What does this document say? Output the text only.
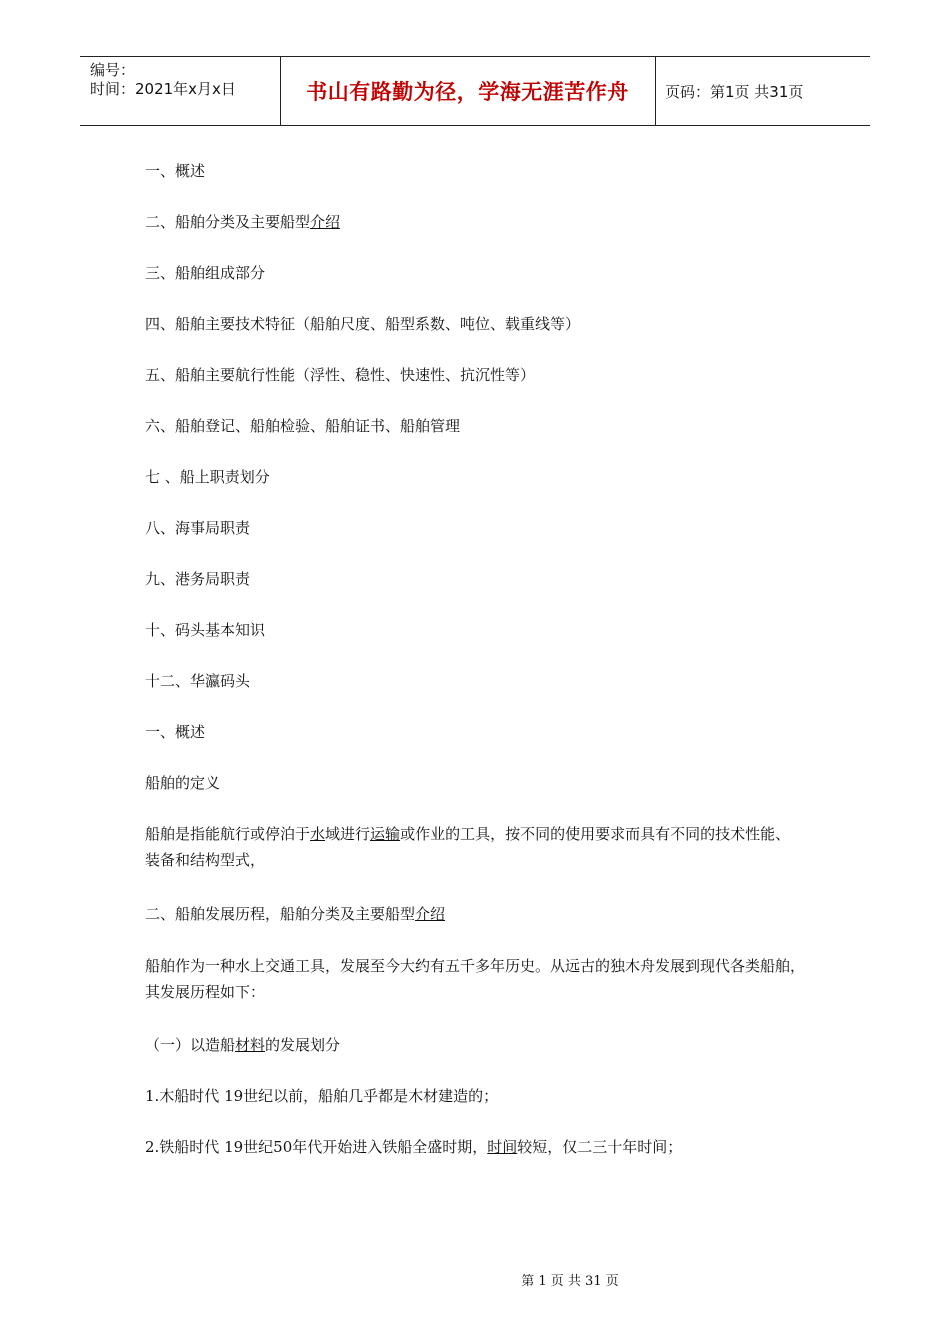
编号：
时间：2021年x月x日	书山有路勤为径，学海无涯苦作舟	页码：第1页 共31页
一、概述
二、船舶分类及主要船型介绍
三、船舶组成部分
四、船舶主要技术特征（船舶尺度、船型系数、吨位、载重线等）
五、船舶主要航行性能（浮性、稳性、快速性、抗沉性等）
六、船舶登记、船舶检验、船舶证书、船舶管理
七 、船上职责划分
八、海事局职责
九、港务局职责
十、码头基本知识
十二、华瀛码头
一、概述
船舶的定义
船舶是指能航行或停泊于水域进行运输或作业的工具，按不同的使用要求而具有不同的技术性能、装备和结构型式，
二、船舶发展历程，船舶分类及主要船型介绍
船舶作为一种水上交通工具，发展至今大约有五千多年历史。从远古的独木舟发展到现代各类船舶，其发展历程如下：
（一）以造船材料的发展划分
1.木船时代 19世纪以前，船舶几乎都是木材建造的；
2.铁船时代 19世纪50年代开始进入铁船全盛时期，时间较短，仅二三十年时间；
第 1 页 共 31 页
